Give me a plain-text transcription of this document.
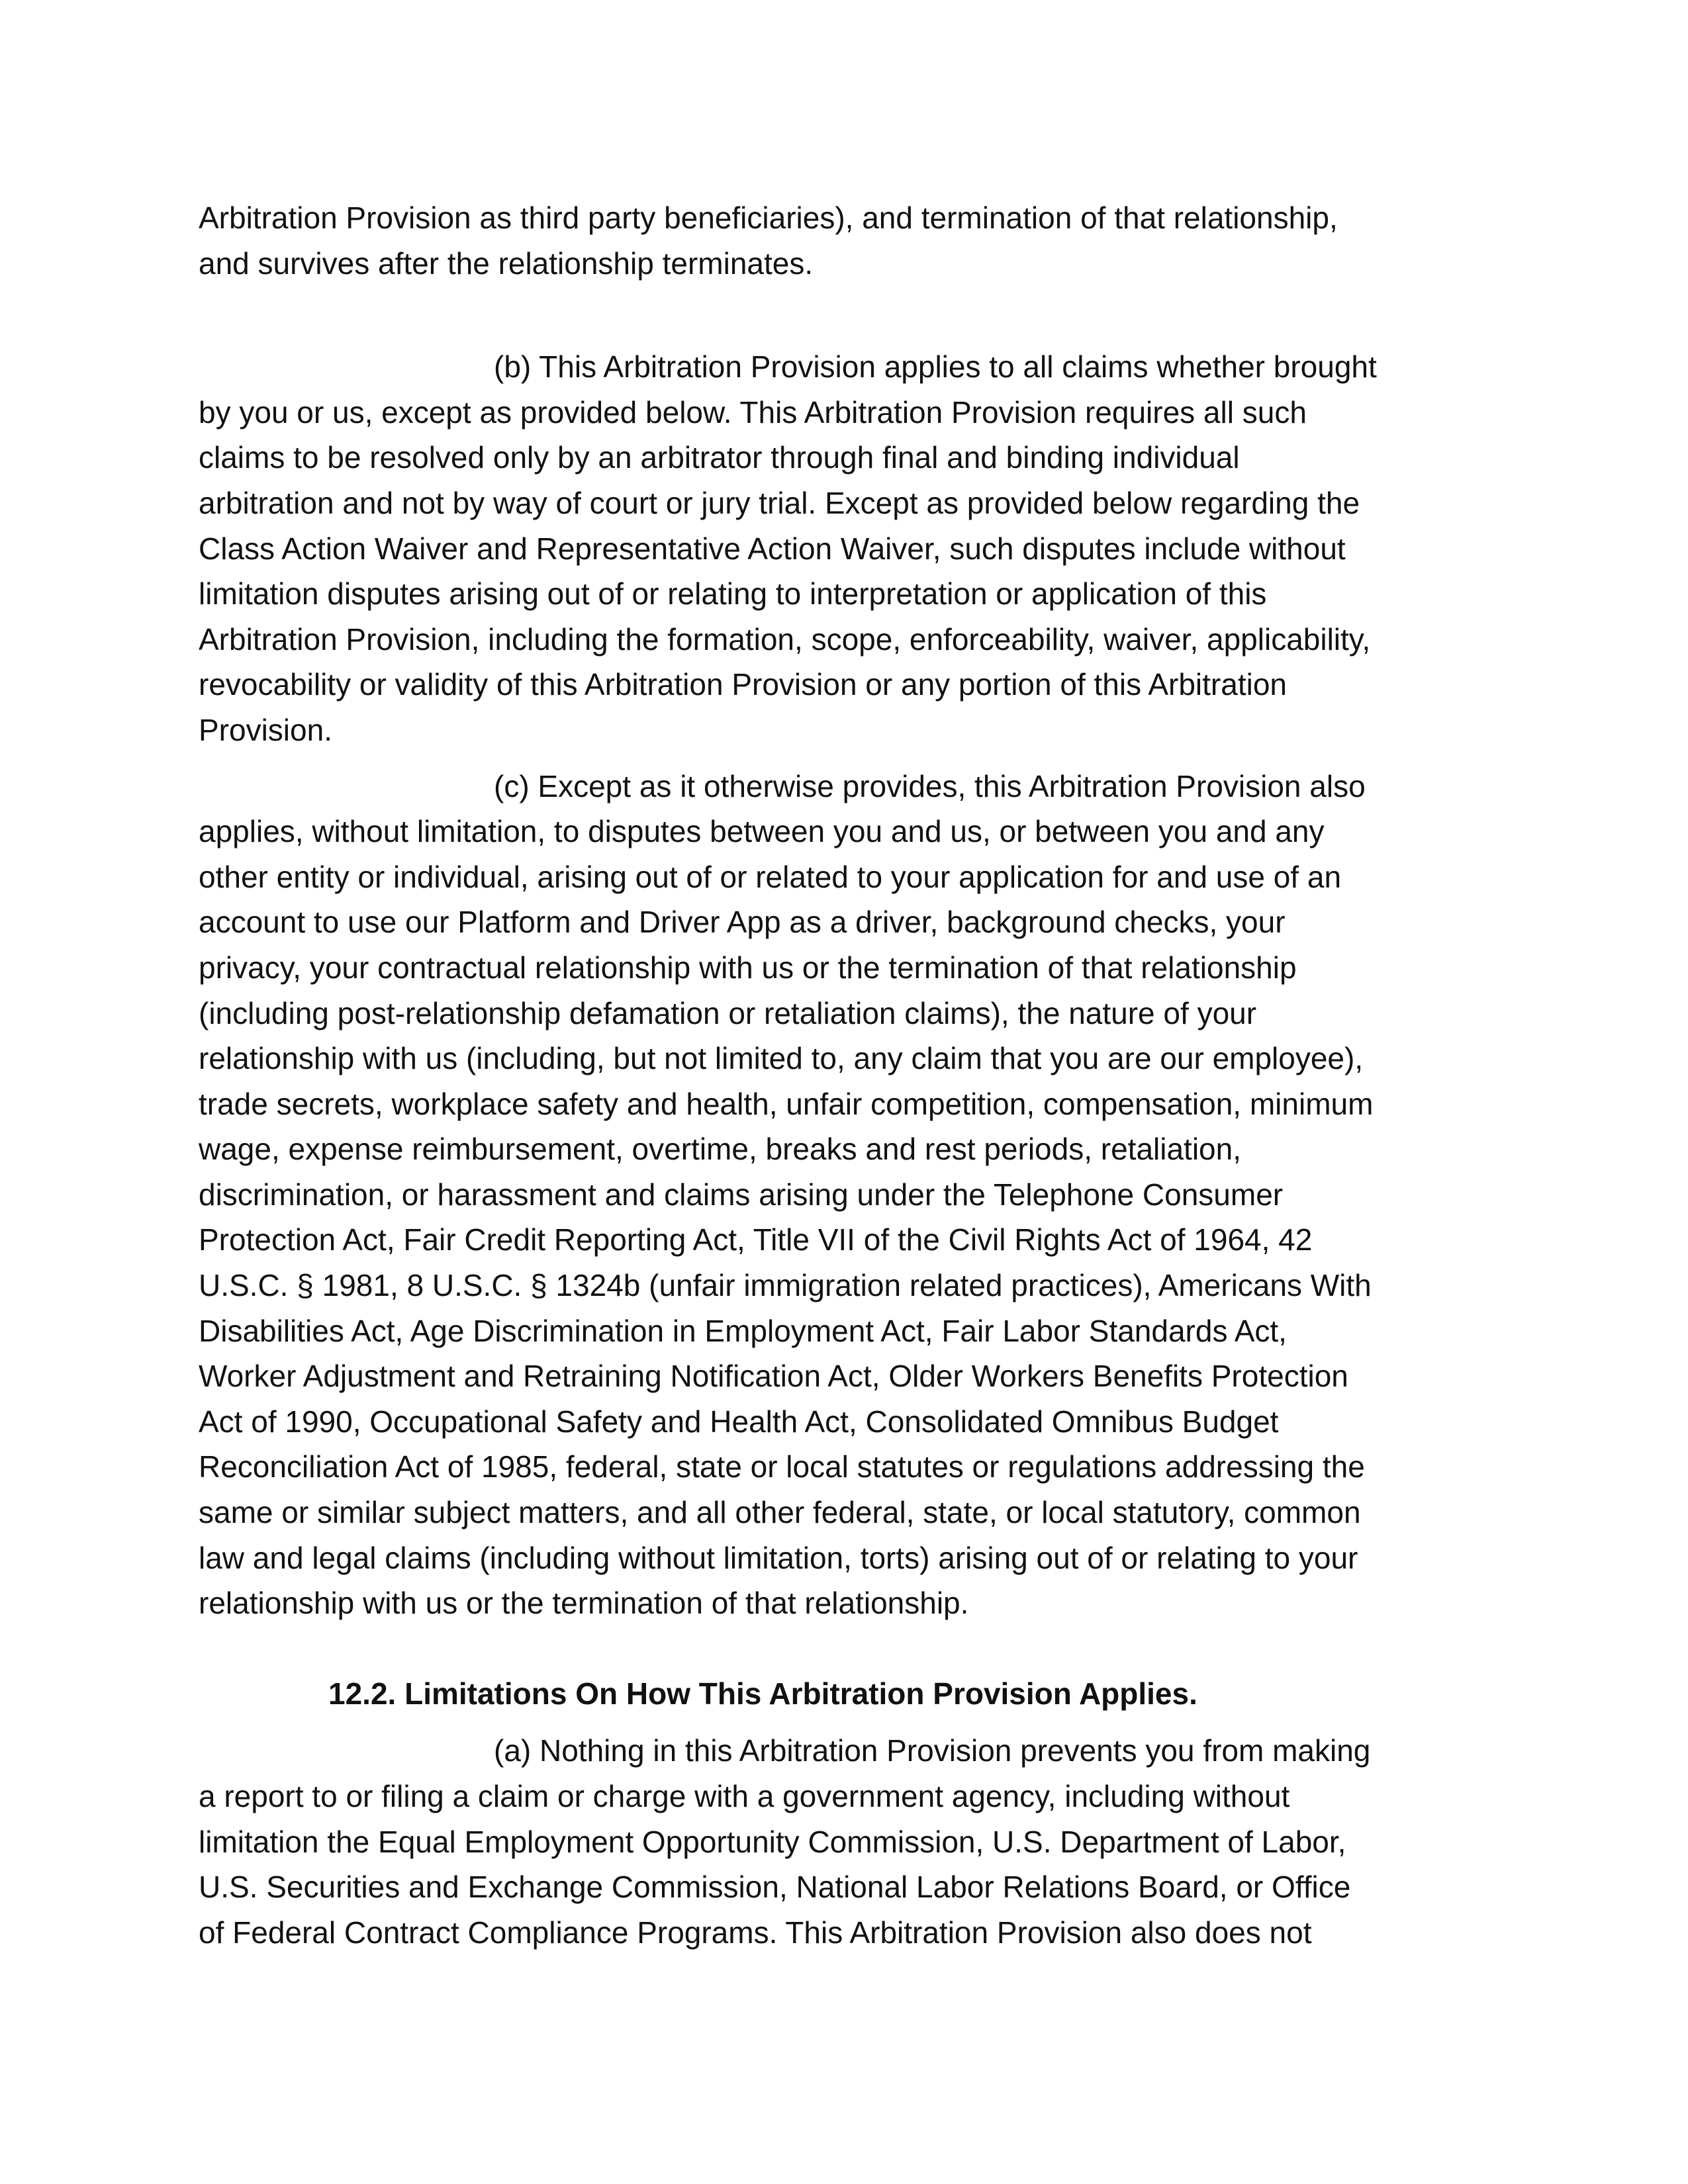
Arbitration Provision as third party beneficiaries), and termination of that relationship,
and survives after the relationship terminates.

(b) This Arbitration Provision applies to all claims whether brought
by you or us, except as provided below. This Arbitration Provision requires all such
claims to be resolved only by an arbitrator through final and binding individual
arbitration and not by way of court or jury trial. Except as provided below regarding the
Class Action Waiver and Representative Action Waiver, such disputes include without
limitation disputes arising out of or relating to interpretation or application of this
Arbitration Provision, including the formation, scope, enforceability, waiver, applicability,
revocability or validity of this Arbitration Provision or any portion of this Arbitration
Provision.

(c) Except as it otherwise provides, this Arbitration Provision also
applies, without limitation, to disputes between you and us, or between you and any
other entity or individual, arising out of or related to your application for and use of an
account to use our Platform and Driver App as a driver, background checks, your
privacy, your contractual relationship with us or the termination of that relationship
(including post-relationship defamation or retaliation claims), the nature of your
relationship with us (including, but not limited to, any claim that you are our employee),
trade secrets, workplace safety and health, unfair competition, compensation, minimum
wage, expense reimbursement, overtime, breaks and rest periods, retaliation,
discrimination, or harassment and claims arising under the Telephone Consumer
Protection Act, Fair Credit Reporting Act, Title VII of the Civil Rights Act of 1964, 42
U.S.C. § 1981, 8 U.S.C. § 1324b (unfair immigration related practices), Americans With
Disabilities Act, Age Discrimination in Employment Act, Fair Labor Standards Act,
Worker Adjustment and Retraining Notification Act, Older Workers Benefits Protection
Act of 1990, Occupational Safety and Health Act, Consolidated Omnibus Budget
Reconciliation Act of 1985, federal, state or local statutes or regulations addressing the
same or similar subject matters, and all other federal, state, or local statutory, common
law and legal claims (including without limitation, torts) arising out of or relating to your
relationship with us or the termination of that relationship.

12.2. Limitations On How This Arbitration Provision Applies.

(a) Nothing in this Arbitration Provision prevents you from making
a report to or filing a claim or charge with a government agency, including without
limitation the Equal Employment Opportunity Commission, U.S. Department of Labor,
U.S. Securities and Exchange Commission, National Labor Relations Board, or Office
of Federal Contract Compliance Programs. This Arbitration Provision also does not
